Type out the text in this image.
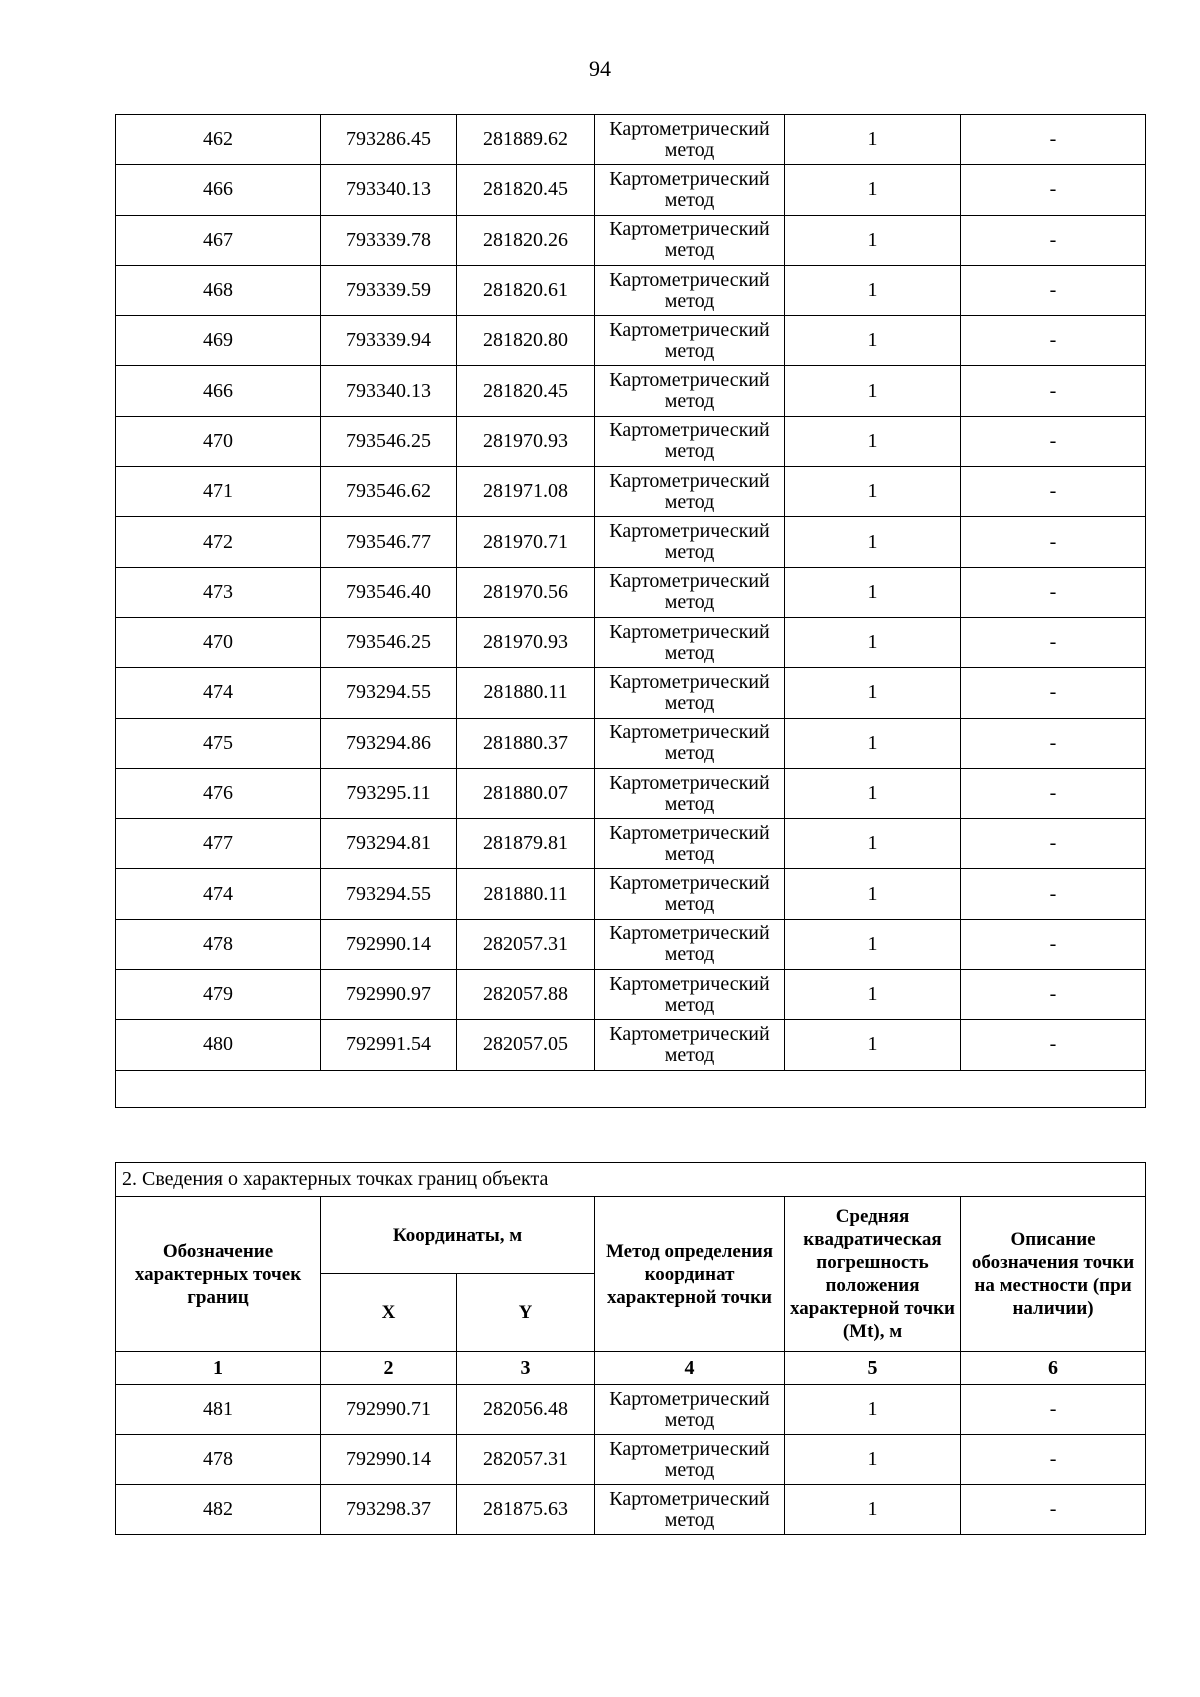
94
462	793286.45	281889.62	Картометрический метод	1	-
466	793340.13	281820.45	Картометрический метод	1	-
467	793339.78	281820.26	Картометрический метод	1	-
468	793339.59	281820.61	Картометрический метод	1	-
469	793339.94	281820.80	Картометрический метод	1	-
466	793340.13	281820.45	Картометрический метод	1	-
470	793546.25	281970.93	Картометрический метод	1	-
471	793546.62	281971.08	Картометрический метод	1	-
472	793546.77	281970.71	Картометрический метод	1	-
473	793546.40	281970.56	Картометрический метод	1	-
470	793546.25	281970.93	Картометрический метод	1	-
474	793294.55	281880.11	Картометрический метод	1	-
475	793294.86	281880.37	Картометрический метод	1	-
476	793295.11	281880.07	Картометрический метод	1	-
477	793294.81	281879.81	Картометрический метод	1	-
474	793294.55	281880.11	Картометрический метод	1	-
478	792990.14	282057.31	Картометрический метод	1	-
479	792990.97	282057.88	Картометрический метод	1	-
480	792991.54	282057.05	Картометрический метод	1	-

2. Сведения о характерных точках границ объекта					
Обозначение характерных точек границ	Координаты, м		Метод определения координат характерной точки	Средняя квадратическая погрешность положения характерной точки (Mt), м	Описание обозначения точки на местности (при наличии)
	X	Y			
1	2	3	4	5	6
481	792990.71	282056.48	Картометрический метод	1	-
478	792990.14	282057.31	Картометрический метод	1	-
482	793298.37	281875.63	Картометрический метод	1	-
